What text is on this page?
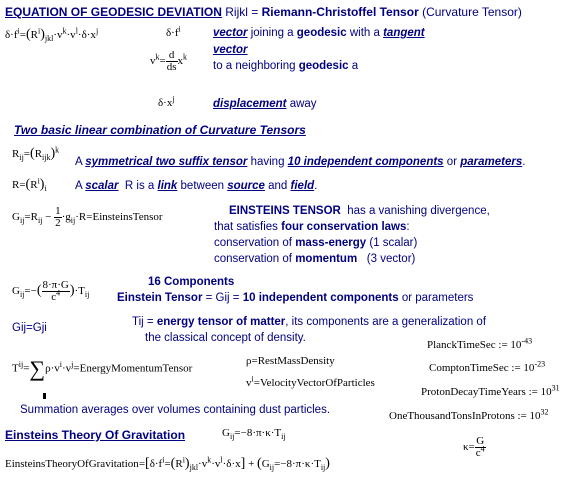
EQUATION OF GEODESIC DEVIATION Rijkl = Riemann-Christoffel Tensor (Curvature Tensor)
$\delta\cdot f^i=(R^i)_{jkl}\cdot v^k\cdot v^l\cdot\delta\cdot x^j$	$\delta\cdot f^i$	vector joining a geodesic with a tangent
$v^k= \frac{d}{ds} x^k$
vector
to a neighboring geodesic a
$\delta\cdot x^j$	displacement away
Two basic linear combination of Curvature Tensors
$R_{ij}=(R_{ijk})^k$
A symmetrical two suffix tensor having 10 independent components or parameters.
$R=(R^i)_i$ A scalar R is a link between source and field.
$G_{ij}=R_{ij} - \frac{1}{2}$ $\cdot g_{ij}\cdot R=EinsteinsTensor$
EINSTEINS TENSOR has a vanishing divergence,
that satisfies four conservation laws:
conservation of mass-energy (1 scalar)
conservation of momentum (3 vector)
$G_{ij}=-( \frac{8\cdot\pi\cdot G}{c^4} )\cdot T_{ij}$
16 Components
Einstein Tensor = Gij = 10 independent components or parameters
Gij=Gji	Tij = energy tensor of matter, its components are a generalization of
the classical concept of density.
PlanckTimeSec := $10^{-43}$
ComptonTimeSec := $10^{-23}$
ProtonDecayTimeYears := $10^{31}$
OneThousandTonsInProtons := $10^{32}$
$T^{ij}=\sum\rho\cdot v^i\cdot v^j=EnergyMomentumTensor$
ρ=RestMassDensity
$v^i=VelocityVectorOfParticles$
Summation averages over volumes containing dust particles.
Einsteins Theory Of Gravitation	$G_{ij}=-8\cdot\pi\cdot\kappa\cdot T_{ij}$
$\kappa= \frac{G}{c^4}$
$EinsteinsTheoryOfGravitation=[\delta\cdot f^i=(R^i)_{jkl}\cdot v^k\cdot v^l\cdot\delta\cdot x] + (G_{ij}=-8\cdot\pi\cdot\kappa\cdot T_{ij})$
